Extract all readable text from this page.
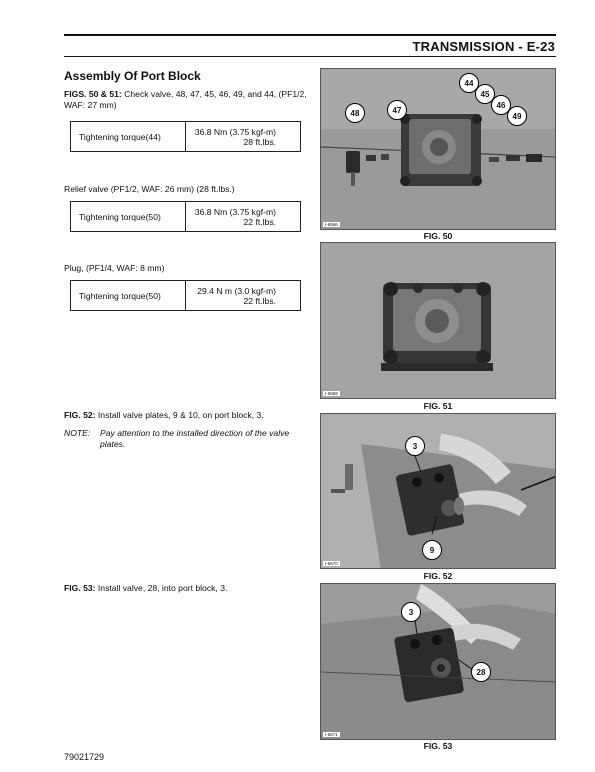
TRANSMISSION - E-23
Assembly Of Port Block
FIGS. 50 & 51: Check valve, 48, 47, 45, 46, 49, and 44, (PF1/2, WAF: 27 mm)
Tightening torque(44)	36.8 Nm (3.75 kgf-m)
28 ft.lbs.
Relief valve (PF1/2, WAF: 26 mm) (28 ft.lbs.)
Tightening torque(50)	36.8 Nm (3.75 kgf-m)
22 ft.lbs.
Plug, (PF1/4, WAF: 8 mm)
Tightening torque(50)	29.4 N m (3.0 kgf-m)
22 ft.lbs.
FIG. 52: Install valve plates, 9 & 10, on port block, 3.
NOTE: Pay attention to the installed direction of the valve
plates.
FIG. 53: Install valve, 28, into port block, 3.
44
45
46
49
48	47
I-6566
FIG. 50
I-6569
FIG. 51
3
9
I-6570
FIG. 52
3
28
I-6571
FIG. 53
79021729
